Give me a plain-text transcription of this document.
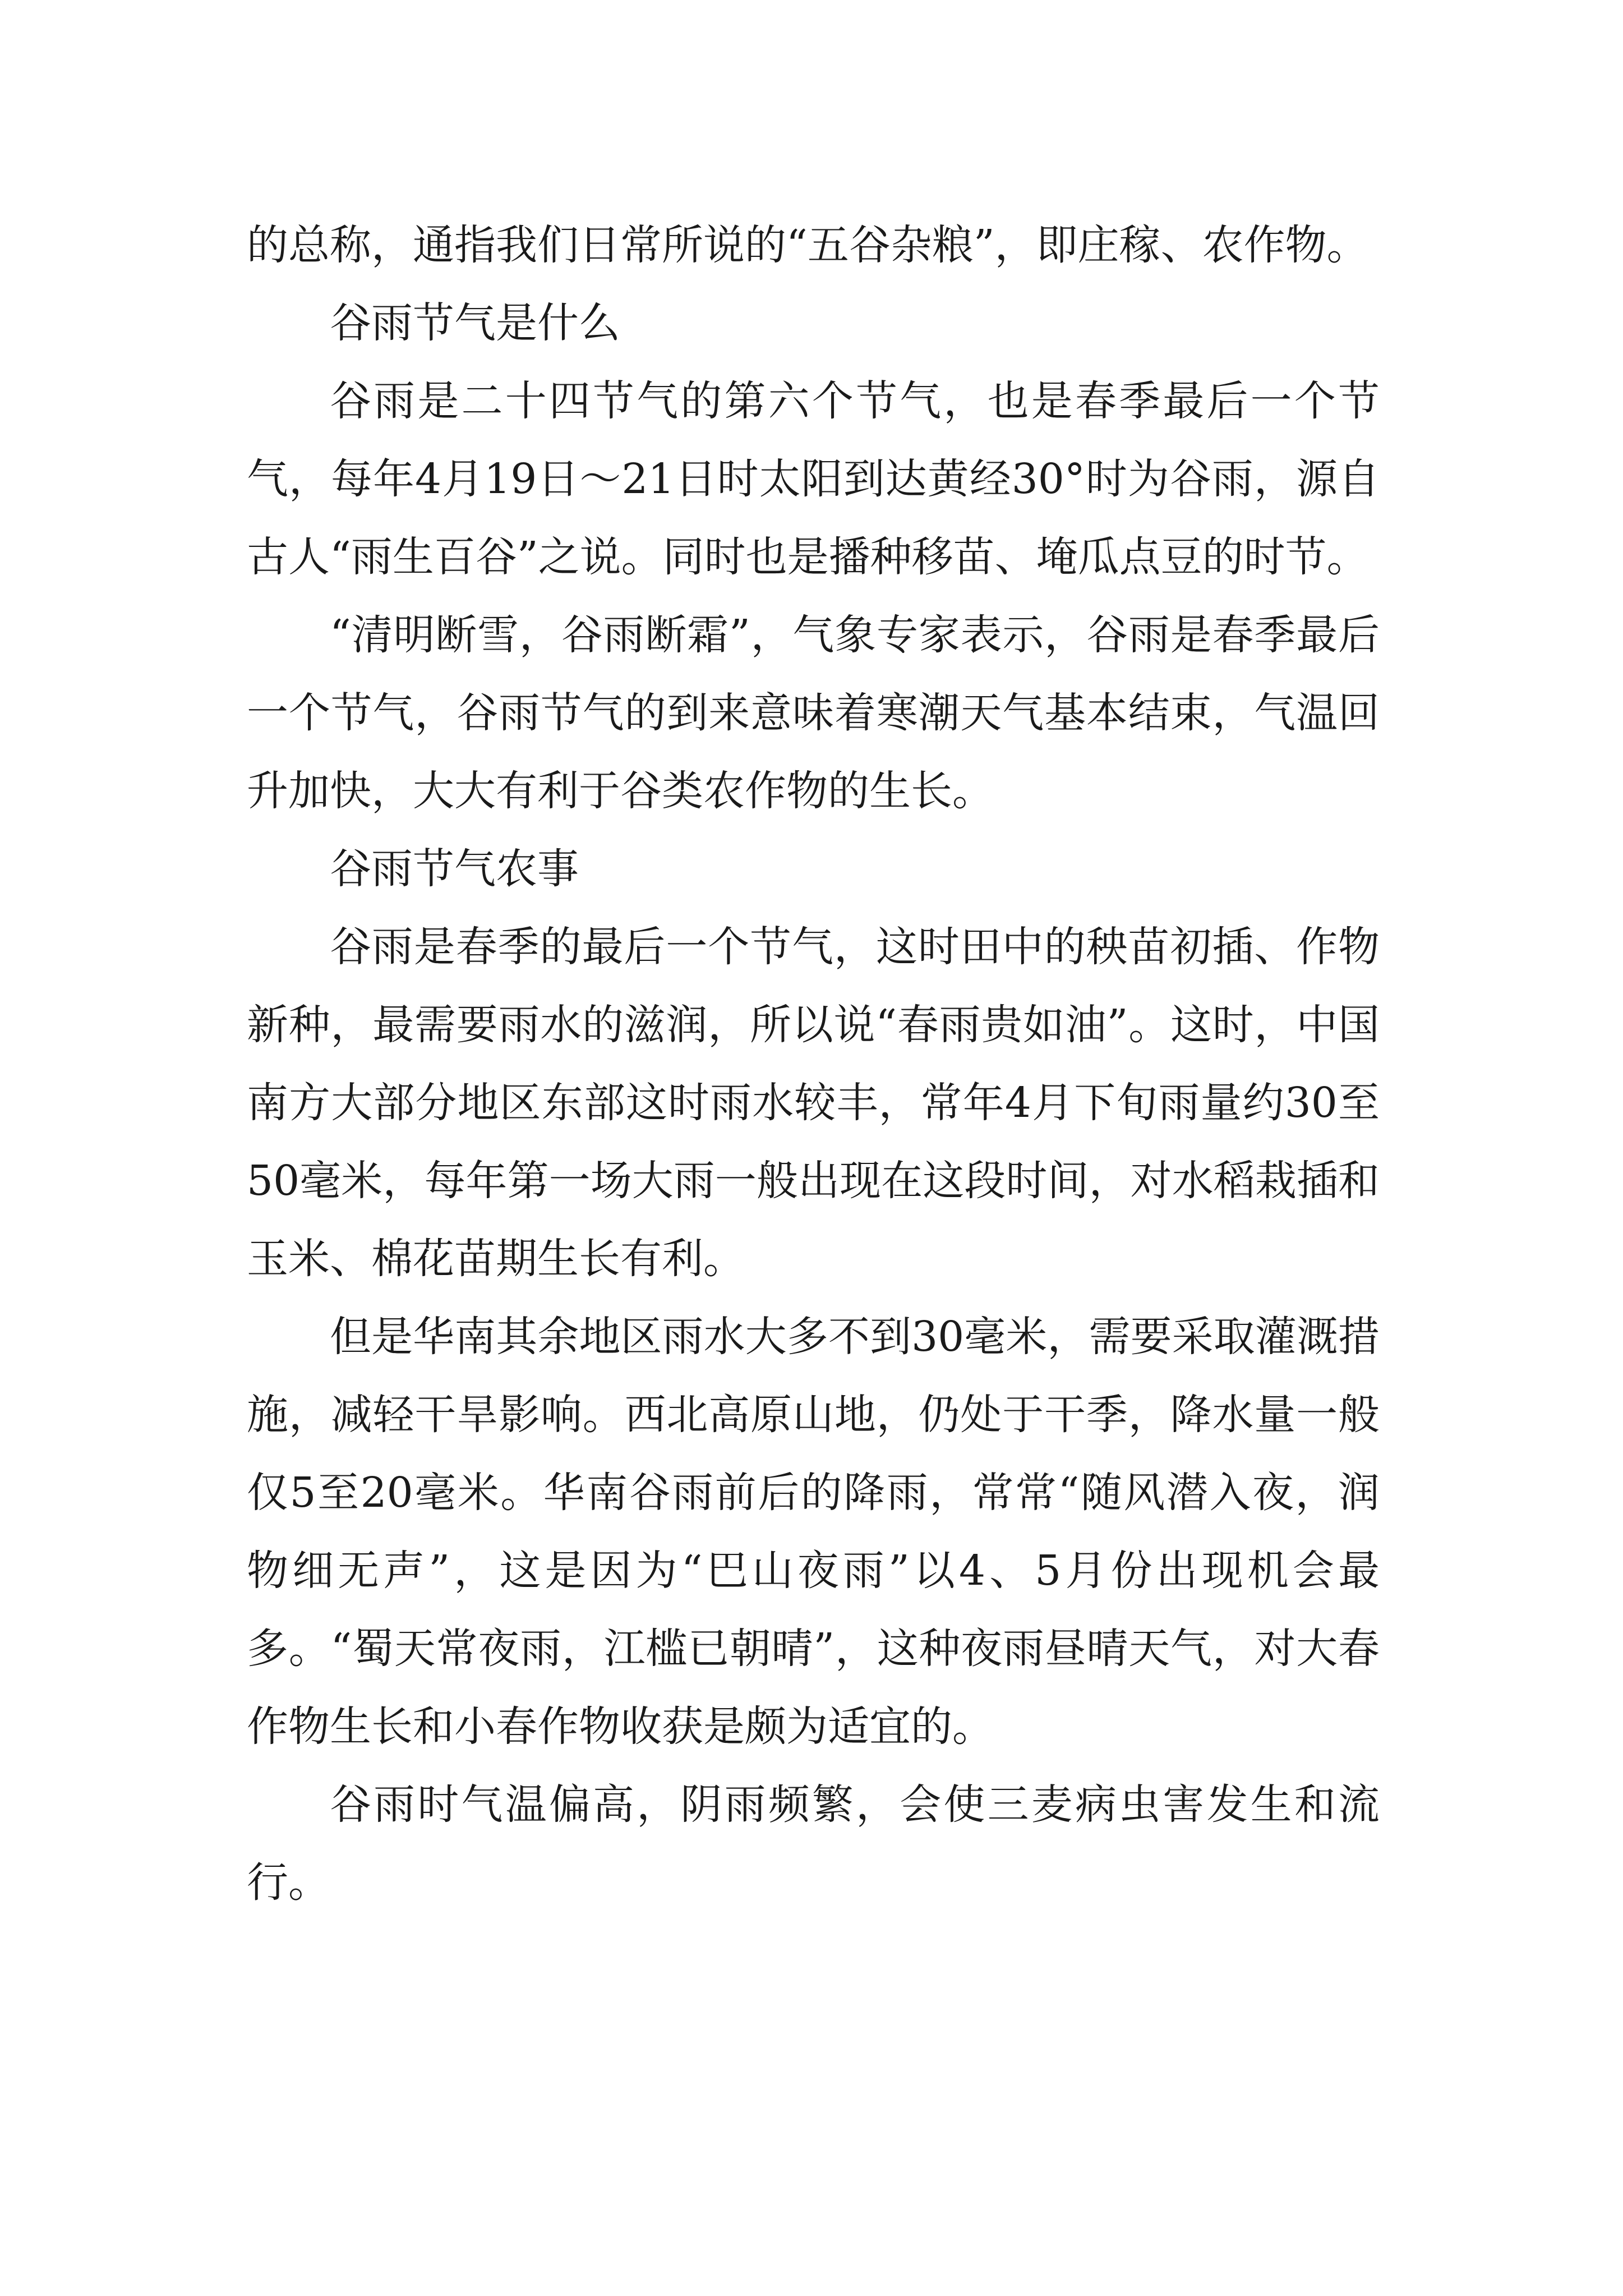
的总称，通指我们日常所说的“五谷杂粮”，即庄稼、农作物。

谷雨节气是什么

谷雨是二十四节气的第六个节气，也是春季最后一个节气，每年4月19日～21日时太阳到达黄经30°时为谷雨，源自古人“雨生百谷”之说。同时也是播种移苗、埯瓜点豆的时节。

“清明断雪，谷雨断霜”，气象专家表示，谷雨是春季最后一个节气，谷雨节气的到来意味着寒潮天气基本结束，气温回升加快，大大有利于谷类农作物的生长。

谷雨节气农事

谷雨是春季的最后一个节气，这时田中的秧苗初插、作物新种，最需要雨水的滋润，所以说“春雨贵如油”。这时，中国南方大部分地区东部这时雨水较丰，常年4月下旬雨量约30至50毫米，每年第一场大雨一般出现在这段时间，对水稻栽插和玉米、棉花苗期生长有利。

但是华南其余地区雨水大多不到30毫米，需要采取灌溉措施，减轻干旱影响。西北高原山地，仍处于干季，降水量一般仅5至20毫米。华南谷雨前后的降雨，常常“随风潜入夜，润物细无声”，这是因为“巴山夜雨”以4、5月份出现机会最多。“蜀天常夜雨，江槛已朝晴”，这种夜雨昼晴天气，对大春作物生长和小春作物收获是颇为适宜的。

谷雨时气温偏高，阴雨频繁，会使三麦病虫害发生和流行。
